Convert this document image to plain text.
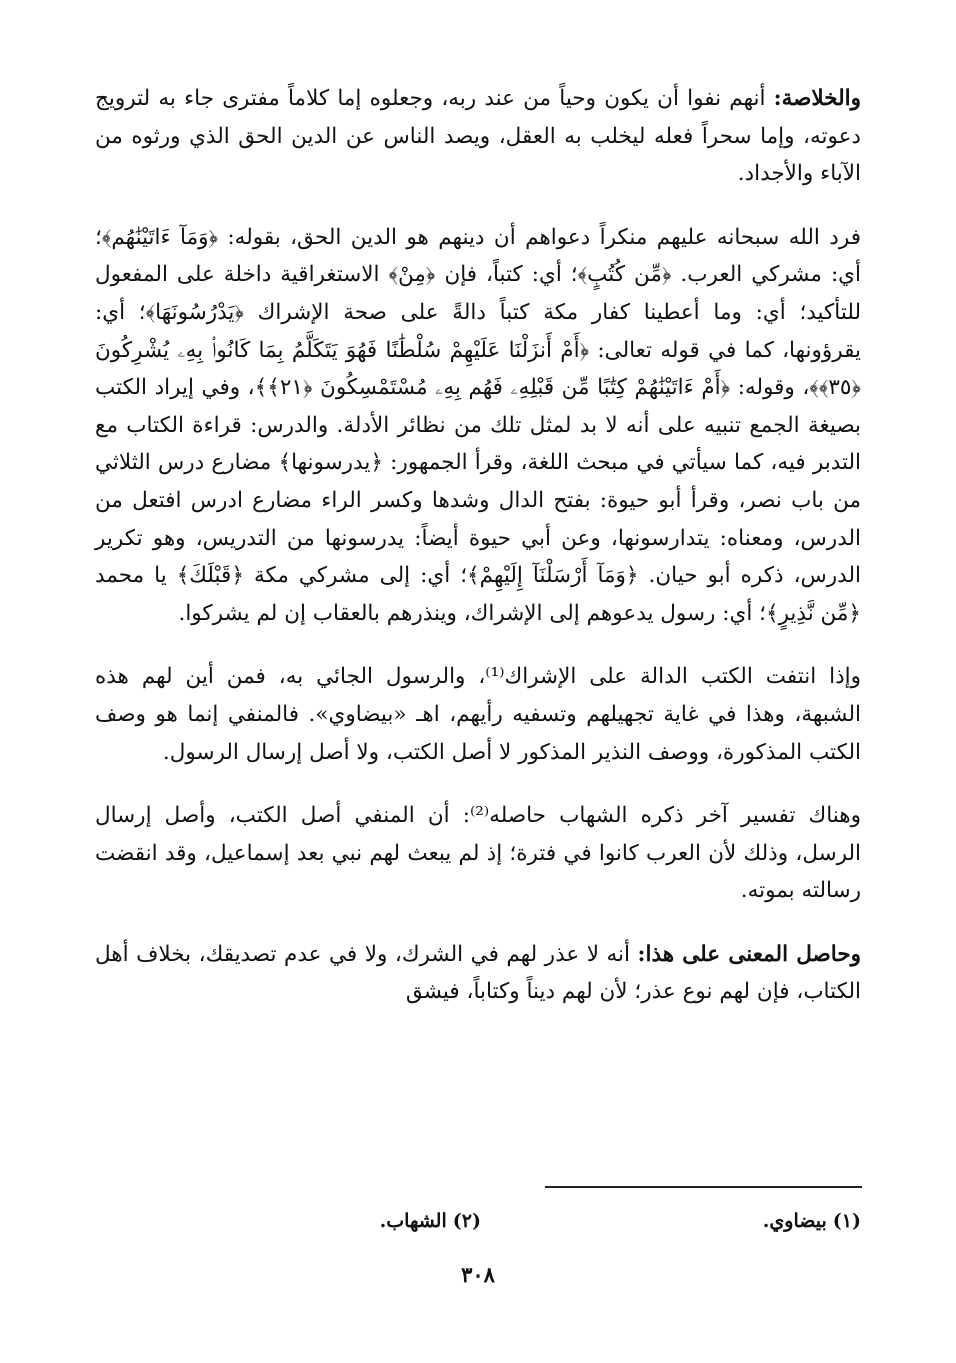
والخلاصة: أنهم نفوا أن يكون وحياً من عند ربه، وجعلوه إما كلاماً مفترى جاء به لترويج دعوته، وإما سحراً فعله ليخلب به العقل، ويصد الناس عن الدين الحق الذي ورثوه من الآباء والأجداد.

فرد الله سبحانه عليهم منكراً دعواهم أن دينهم هو الدين الحق، بقوله: ﴿وَمَآ ءَاتَيْنَٰهُم﴾؛ أي: مشركي العرب. ﴿مِّن كُتُبٍ﴾؛ أي: كتباً، فإن ﴿مِنْ﴾ الاستغراقية داخلة على المفعول للتأكيد؛ أي: وما أعطينا كفار مكة كتباً دالةً على صحة الإشراك ﴿يَدْرُسُونَهَا﴾؛ أي: يقرؤونها، كما في قوله تعالى: ﴿أَمْ أَنزَلْنَا عَلَيْهِمْ سُلْطَٰنًا فَهُوَ يَتَكَلَّمُ بِمَا كَانُوا۟ بِهِۦ يُشْرِكُونَ ﴿٣٥﴾﴾، وقوله: ﴿أَمْ ءَاتَيْنَٰهُمْ كِتَٰبًا مِّن قَبْلِهِۦ فَهُم بِهِۦ مُسْتَمْسِكُونَ ﴿٢١﴾﴾، وفي إيراد الكتب بصيغة الجمع تنبيه على أنه لا بد لمثل تلك من نظائر الأدلة. والدرس: قراءة الكتاب مع التدبر فيه، كما سيأتي في مبحث اللغة، وقرأ الجمهور: ﴿يدرسونها﴾ مضارع درس الثلاثي من باب نصر، وقرأ أبو حيوة: بفتح الدال وشدها وكسر الراء مضارع ادرس افتعل من الدرس، ومعناه: يتدارسونها، وعن أبي حيوة أيضاً: يدرسونها من التدريس، وهو تكرير الدرس، ذكره أبو حيان. ﴿وَمَآ أَرْسَلْنَآ إِلَيْهِمْ﴾؛ أي: إلى مشركي مكة ﴿قَبْلَكَ﴾ يا محمد ﴿مِّن نَّذِيرٍ﴾؛ أي: رسول يدعوهم إلى الإشراك، وينذرهم بالعقاب إن لم يشركوا.

وإذا انتفت الكتب الدالة على الإشراك⁽¹⁾، والرسول الجائي به، فمن أين لهم هذه الشبهة، وهذا في غاية تجهيلهم وتسفيه رأيهم، اهـ «بيضاوي». فالمنفي إنما هو وصف الكتب المذكورة، ووصف النذير المذكور لا أصل الكتب، ولا أصل إرسال الرسول.

وهناك تفسير آخر ذكره الشهاب حاصله⁽²⁾: أن المنفي أصل الكتب، وأصل إرسال الرسل، وذلك لأن العرب كانوا في فترة؛ إذ لم يبعث لهم نبي بعد إسماعيل، وقد انقضت رسالته بموته.

وحاصل المعنى على هذا: أنه لا عذر لهم في الشرك، ولا في عدم تصديقك، بخلاف أهل الكتاب، فإن لهم نوع عذر؛ لأن لهم ديناً وكتاباً، فيشق

(١) بيضاوي.
(٢) الشهاب.
٣٠٨
